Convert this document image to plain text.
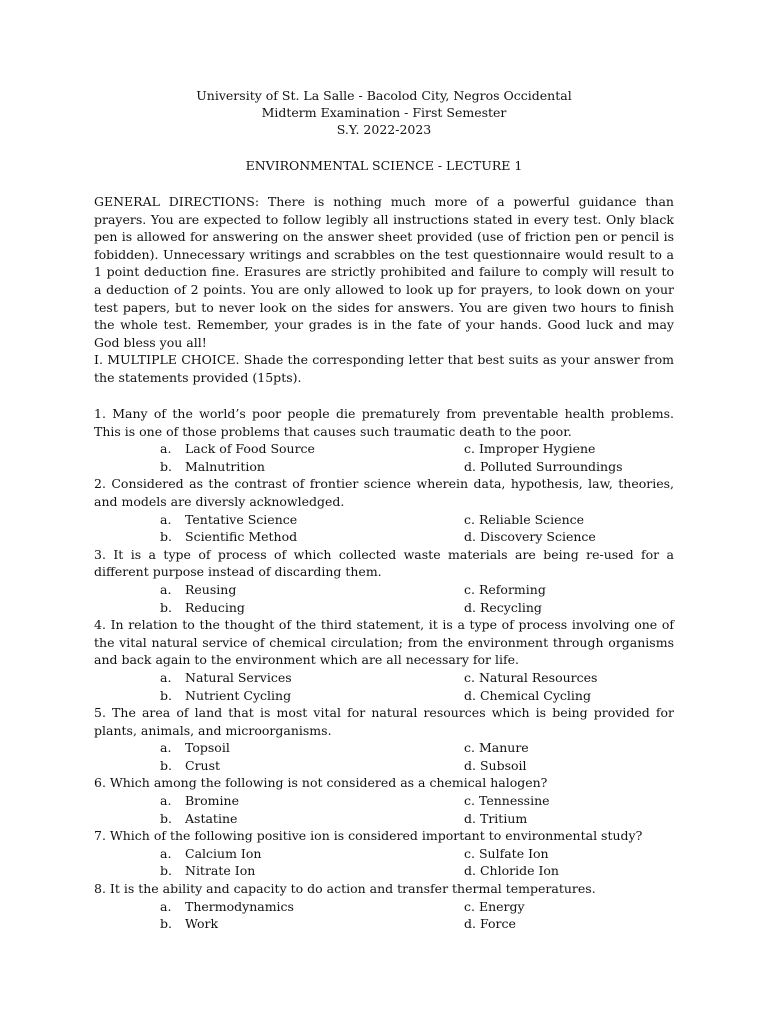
University of St. La Salle - Bacolod City, Negros Occidental
Midterm Examination - First Semester
S.Y. 2022-2023
ENVIRONMENTAL SCIENCE - LECTURE 1

GENERAL DIRECTIONS: There is nothing much more of a powerful guidance than prayers. You are expected to follow legibly all instructions stated in every test. Only black pen is allowed for answering on the answer sheet provided (use of friction pen or pencil is fobidden). Unnecessary writings and scrabbles on the test questionnaire would result to a 1 point deduction fine. Erasures are strictly prohibited and failure to comply will result to a deduction of 2 points. You are only allowed to look up for prayers, to look down on your test papers, but to never look on the sides for answers. You are given two hours to finish the whole test. Remember, your grades is in the fate of your hands. Good luck and may God bless you all!

I. MULTIPLE CHOICE. Shade the corresponding letter that best suits as your answer from the statements provided (15pts).

1. Many of the world’s poor people die prematurely from preventable health problems. This is one of those problems that causes such traumatic death to the poor.

a.	Lack of Food Source	c. Improper Hygiene
b.	Malnutrition	d. Polluted Surroundings

2. Considered as the contrast of frontier science wherein data, hypothesis, law, theories, and models are diversly acknowledged.

a.	Tentative Science	c. Reliable Science
b.	Scientific Method	d. Discovery Science

3. It is a type of process of which collected waste materials are being re-used for a different purpose instead of discarding them.

a.	Reusing	c. Reforming
b.	Reducing	d. Recycling

4. In relation to the thought of the third statement, it is a type of process involving one of the vital natural service of chemical circulation; from the environment through organisms and back again to the environment which are all necessary for life.

a.	Natural Services	c. Natural Resources
b.	Nutrient Cycling	d. Chemical Cycling

5. The area of land that is most vital for natural resources which is being provided for plants, animals, and microorganisms.

a.	Topsoil	c. Manure
b.	Crust	d. Subsoil

6. Which among the following is not considered as a chemical halogen?

a.	Bromine	c. Tennessine
b.	Astatine	d. Tritium

7. Which of the following positive ion is considered important to environmental study?

a.	Calcium Ion	c. Sulfate Ion
b.	Nitrate Ion	d. Chloride Ion

8. It is the ability and capacity to do action and transfer thermal temperatures.

a.	Thermodynamics	c. Energy
b.	Work	d. Force
